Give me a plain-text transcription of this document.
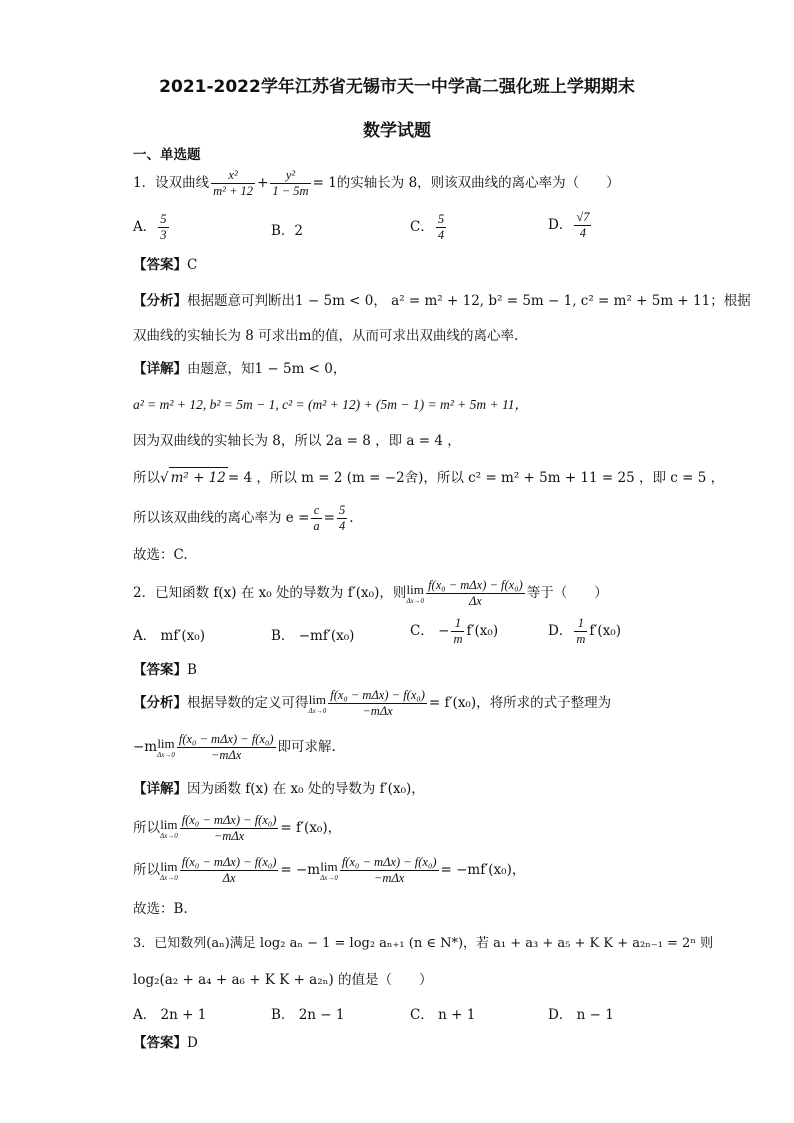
2021-2022学年江苏省无锡市天一中学高二强化班上学期期末
数学试题
一、单选题
1．设双曲线 $\frac{\text{x²}}{\text{m² + 12}} + \frac{\text{y²}}{1 - 5m} = 1$的实轴长为 8，则该双曲线的离心率为（　　）
A． $\frac{5}{3}$	B．2	C． $\frac{5}{4}$	D． $\frac{√7}{4}$
【答案】C
【分析】根据题意可判断出1 − 5m < 0， a² = m² + 12, b² = 5m − 1, c² = m² + 5m + 11；根据
双曲线的实轴长为 8 可求出m的值，从而可求出双曲线的离心率.
【详解】由题意，知1 − 5m < 0，
a² = m² + 12, b² = 5m − 1, c² = (m² + 12) + (5m − 1) = m² + 5m + 11，
因为双曲线的实轴长为 8，所以 2a = 8 ，即 a = 4 ，
所以√ m² + 12 = 4 ，所以 m = 2 (m = −2舍)，所以 c² = m² + 5m + 11 = 25 ，即 c = 5 ，
所以该双曲线的离心率为 $e = \frac{c}{a} = \frac{5}{4}$ .
故选：C.
2．已知函数 f(x) 在 x₀ 处的导数为 f′(x₀)，则lim
$\Delta x\to 0 \frac{\text{f(x₀ − mΔx) − f(x₀)}}{\Delta x}$ 等于（　　）
A． mf′(x₀)	B． −mf′(x₀)	C． − $\frac{1}{m} f'(x_0)$	D． $\frac{1}{m} f'(x_0)$
【答案】B
【分析】根据导数的定义可得lim
$\Delta x\to 0 \frac{\text{f(x₀ − mΔx) − f(x₀)}}{\text{−mΔx}} = f'(x_0)$，将所求的式子整理为
−mlim
$\Delta x\to 0 \frac{\text{f(x₀ − mΔx) − f(x₀)}}{\text{−mΔx}}$ 即可求解.
【详解】因为函数 f(x) 在 x₀ 处的导数为 f′(x₀)，
所以lim
$\Delta x\to 0 \frac{\text{f(x₀ − mΔx) − f(x₀)}}{\text{−mΔx}} = f'(x_0)$，
所以lim
$\Delta x\to 0 \frac{\text{f(x₀ − mΔx) − f(x₀)}}{\Delta x} = -mlim$
$\Delta x\to 0 \frac{\text{f(x₀ − mΔx) − f(x₀)}}{\text{−mΔx}} = -mf'(x_0)$，
故选：B.
3．已知数列(aₙ)满足 log₂ aₙ − 1 = log₂ aₙ₊₁ (n ∈ N*)，若 a₁ + a₃ + a₅ + K K + a₂ₙ₋₁ = 2ⁿ 则
log₂(a₂ + a₄ + a₆ + K K + a₂ₙ) 的值是（　　）
A． 2n + 1	B． 2n − 1	C． n + 1	D． n − 1
【答案】D
